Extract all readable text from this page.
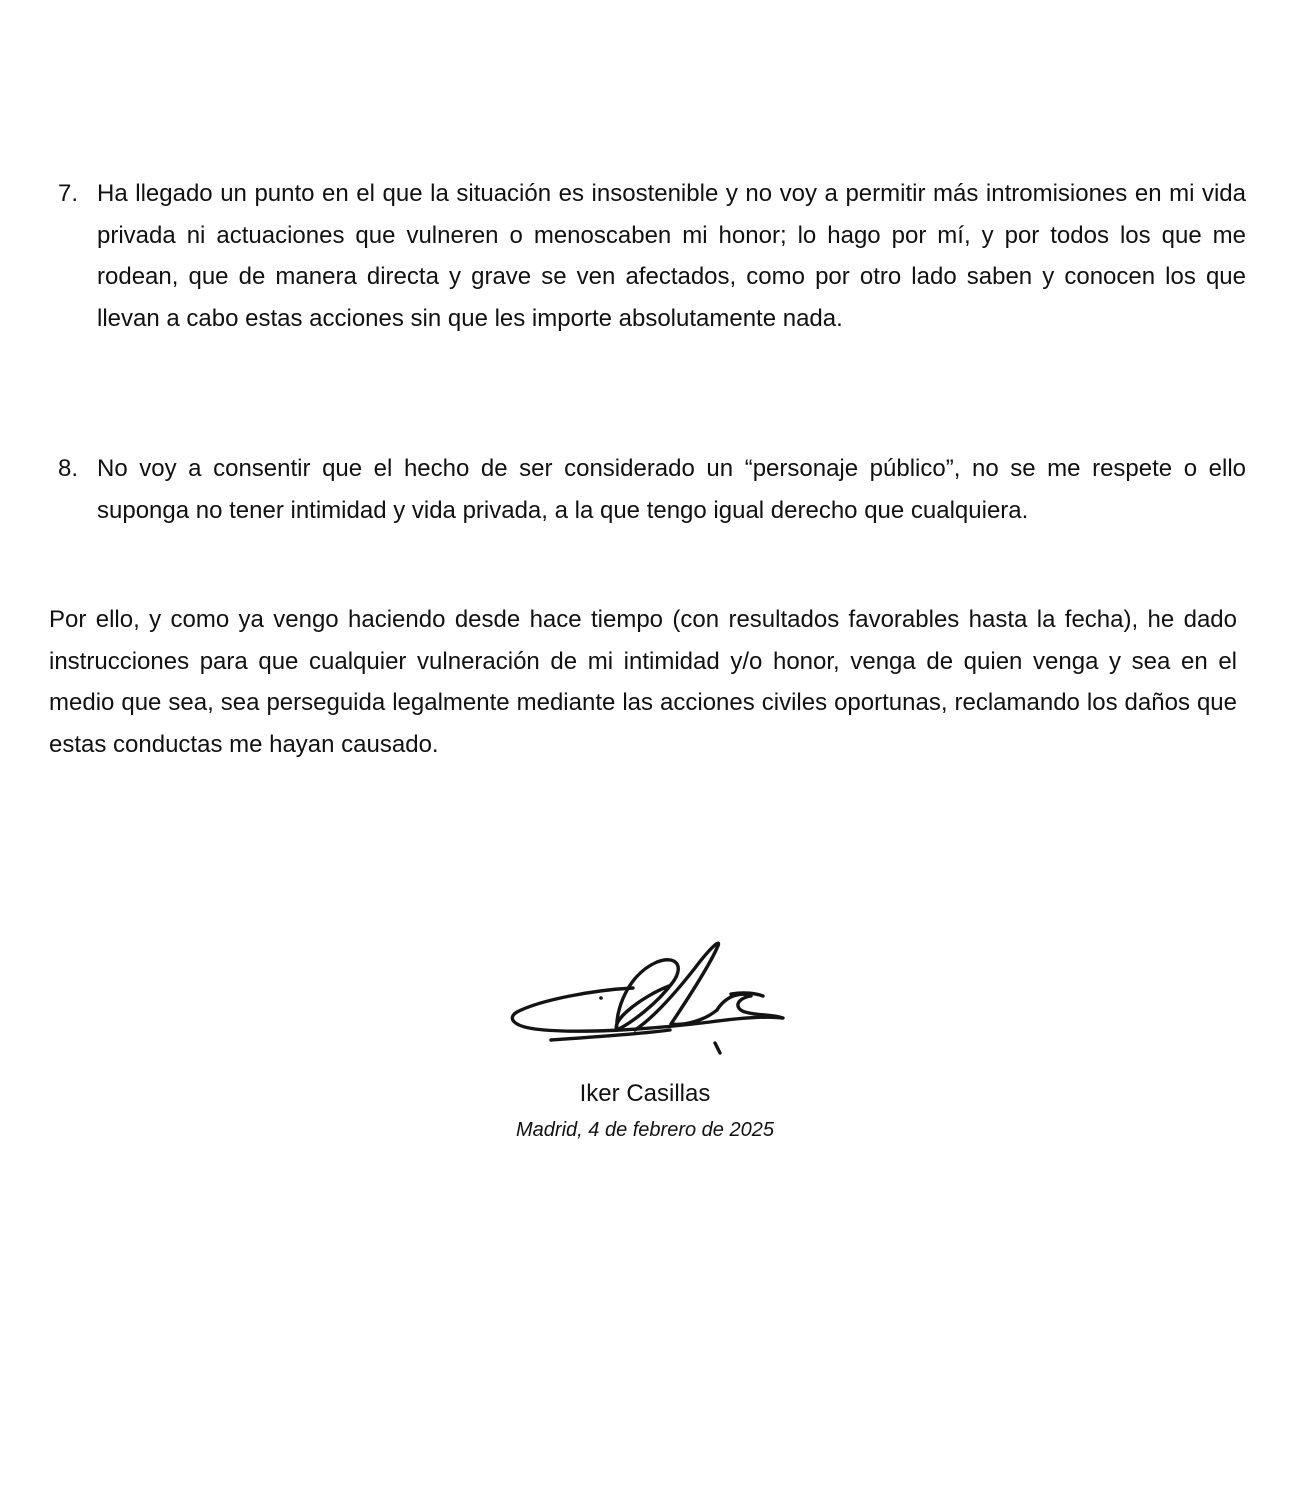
7. Ha llegado un punto en el que la situación es insostenible y no voy a permitir más intromisiones en mi vida privada ni actuaciones que vulneren o menoscaben mi honor; lo hago por mí, y por todos los que me rodean, que de manera directa y grave se ven afectados, como por otro lado saben y conocen los que llevan a cabo estas acciones sin que les importe absolutamente nada.
8. No voy a consentir que el hecho de ser considerado un “personaje público”, no se me respete o ello suponga no tener intimidad y vida privada, a la que tengo igual derecho que cualquiera.
Por ello, y como ya vengo haciendo desde hace tiempo (con resultados favorables hasta la fecha), he dado instrucciones para que cualquier vulneración de mi intimidad y/o honor, venga de quien venga y sea en el medio que sea, sea perseguida legalmente mediante las acciones civiles oportunas, reclamando los daños que estas conductas me hayan causado.
Iker Casillas
Madrid, 4 de febrero de 2025
